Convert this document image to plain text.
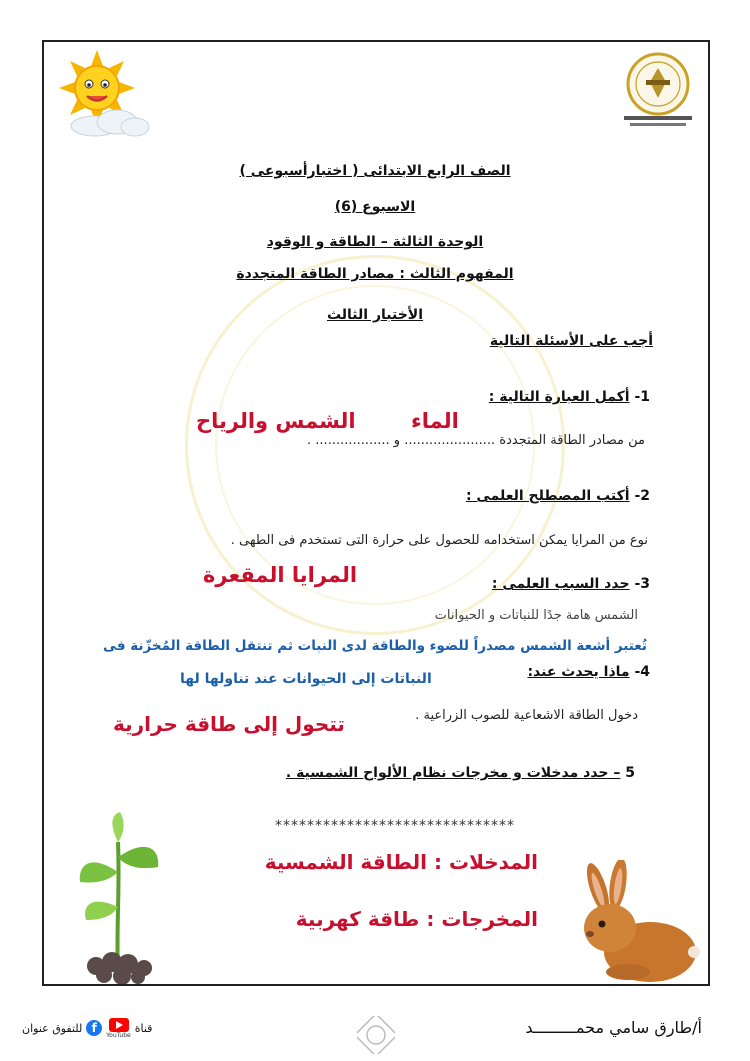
الصف الرابع الابتدائى ( اختبارأسبوعى )
الاسبوع (6)
الوحدة الثالثة – الطاقة و الوقود
المفهوم الثالث : مصادر الطاقة المتجددة
الأختبار الثالث
أجب على الأسئلة التالية
1- أكمل العبارة التالية :
الشمس والرياح	الماء
من مصادر الطاقة المتجددة ...................... و .................. .
2- أكتب المصطلح العلمى :
نوع من المرايا يمكن استخدامه للحصول على حرارة التى تستخدم فى الطهى .
المرايا المقعرة	3- حدد السبب العلمى :
الشمس هامة جدًا للنباتات و الحيوانات
تُعتبر أشعة الشمس مصدراً للضوء والطاقة لدى النبات ثم تنتقل الطاقة المُخزّنة فى
4- ماذا يحدث عند:
النباتات إلى الحيوانات عند تناولها لها
دخول الطاقة الاشعاعية للصوب الزراعية .
تتحول إلى طاقة حرارية
5 – حدد مدخلات و مخرجات نظام الألواح الشمسية .
******************************
المدخلات : الطاقة الشمسية
المخرجات : طاقة كهربية
أ/طارق سامي محمـــــــــد
للتفوق عنوان f	YouTube
قناة
